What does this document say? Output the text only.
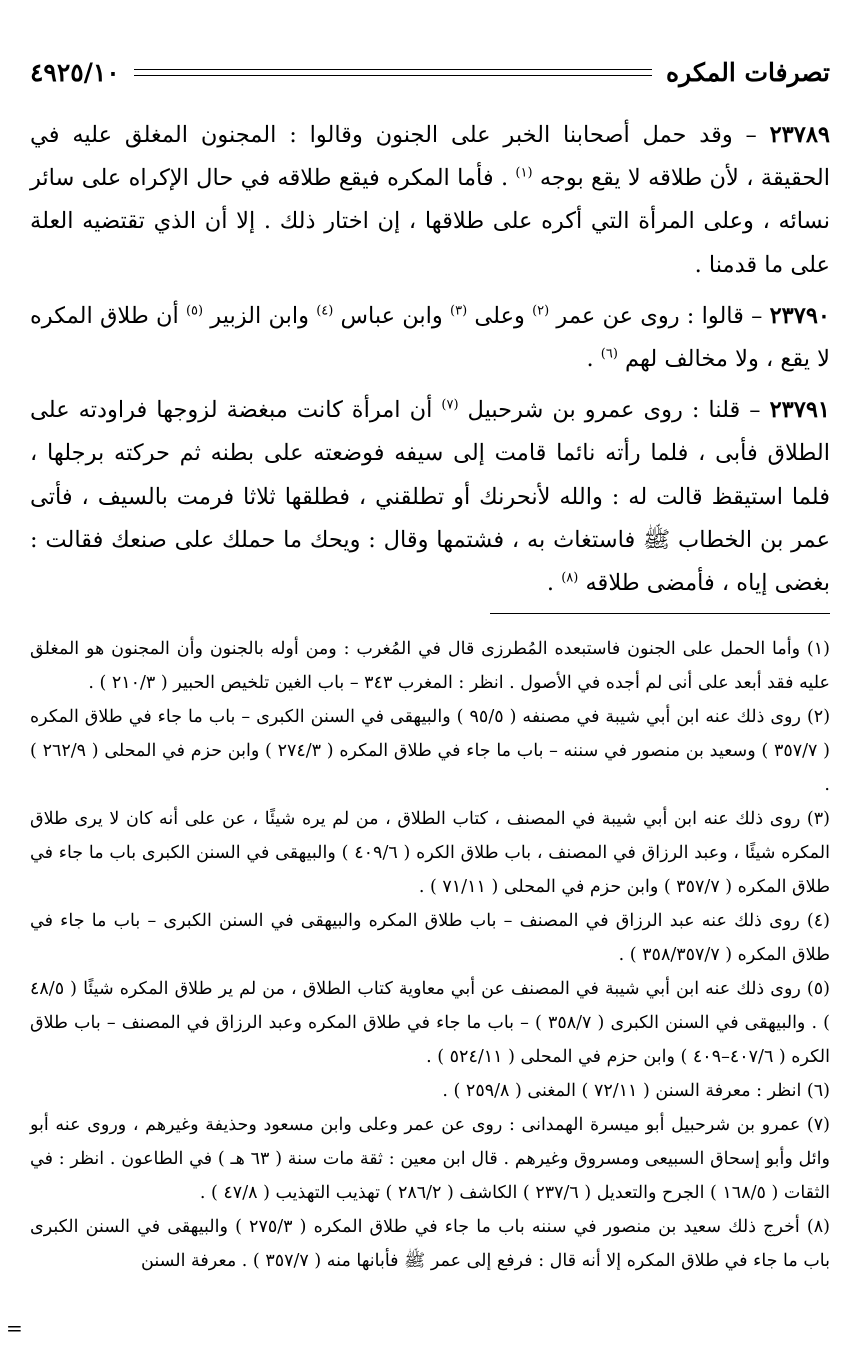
تصرفات المكره
٤٩٢٥/١٠

٢٣٧٨٩ – وقد حمل أصحابنا الخبر على الجنون وقالوا : المجنون المغلق عليه في الحقيقة ، لأن طلاقه لا يقع بوجه $^{(١)}$ . فأما المكره فيقع طلاقه في حال الإكراه على سائر نسائه ، وعلى المرأة التي أكره على طلاقها ، إن اختار ذلك . إلا أن الذي تقتضيه العلة على ما قدمنا .

٢٣٧٩٠ – قالوا : روى عن عمر $^{(٢)}$ وعلى $^{(٣)}$ وابن عباس $^{(٤)}$ وابن الزبير $^{(٥)}$ أن طلاق المكره لا يقع ، ولا مخالف لهم $^{(٦)}$ .

٢٣٧٩١ – قلنا : روى عمرو بن شرحبيل $^{(٧)}$ أن امرأة كانت مبغضة لزوجها فراودته على الطلاق فأبى ، فلما رأته نائما قامت إلى سيفه فوضعته على بطنه ثم حركته برجلها ، فلما استيقظ قالت له : والله لأنحرنك أو تطلقني ، فطلقها ثلاثا فرمت بالسيف ، فأتى عمر بن الخطاب ﷺ فاستغاث به ، فشتمها وقال : ويحك ما حملك على صنعك فقالت : بغضى إياه ، فأمضى طلاقه $^{(٨)}$ .

(١) وأما الحمل على الجنون فاستبعده المُطرزى قال في المُغرب : ومن أوله بالجنون وأن المجنون هو المغلق عليه فقد أبعد على أنى لم أجده في الأصول . انظر : المغرب ٣٤٣ – باب الغين تلخيص الحبير ( ٢١٠/٣ ) .

(٢) روى ذلك عنه ابن أبي شيبة في مصنفه ( ٩٥/٥ ) والبيهقى في السنن الكبرى – باب ما جاء في طلاق المكره ( ٣٥٧/٧ ) وسعيد بن منصور في سننه – باب ما جاء في طلاق المكره ( ٢٧٤/٣ ) وابن حزم في المحلى ( ٢٦٢/٩ ) .

(٣) روى ذلك عنه ابن أبي شيبة في المصنف ، كتاب الطلاق ، من لم يره شيئًا ، عن على أنه كان لا يرى طلاق المكره شيئًا ، وعبد الرزاق في المصنف ، باب طلاق الكره ( ٤٠٩/٦ ) والبيهقى في السنن الكبرى باب ما جاء في طلاق المكره ( ٣٥٧/٧ ) وابن حزم في المحلى ( ٧١/١١ ) .

(٤) روى ذلك عنه عبد الرزاق في المصنف – باب طلاق المكره والبيهقى في السنن الكبرى – باب ما جاء في طلاق المكره ( ٣٥٨/٣٥٧/٧ ) .

(٥) روى ذلك عنه ابن أبي شيبة في المصنف عن أبي معاوية كتاب الطلاق ، من لم ير طلاق المكره شيئًا ( ٤٨/٥ ) . والبيهقى في السنن الكبرى ( ٣٥٨/٧ ) – باب ما جاء في طلاق المكره وعبد الرزاق في المصنف – باب طلاق الكره ( ٤٠٧/٦–٤٠٩ ) وابن حزم في المحلى ( ٥٢٤/١١ ) .

(٦) انظر : معرفة السنن ( ٧٢/١١ ) المغنى ( ٢٥٩/٨ ) .

(٧) عمرو بن شرحبيل أبو ميسرة الهمدانى : روى عن عمر وعلى وابن مسعود وحذيفة وغيرهم ، وروى عنه أبو وائل وأبو إسحاق السبيعى ومسروق وغيرهم . قال ابن معين : ثقة مات سنة ( ٦٣ هـ ) في الطاعون . انظر : في الثقات ( ١٦٨/٥ ) الجرح والتعديل ( ٢٣٧/٦ ) الكاشف ( ٢٨٦/٢ ) تهذيب التهذيب ( ٤٧/٨ ) .

(٨) أخرج ذلك سعيد بن منصور في سننه باب ما جاء في طلاق المكره ( ٢٧٥/٣ ) والبيهقى في السنن الكبرى باب ما جاء في طلاق المكره إلا أنه قال : فرفع إلى عمر ﷺ فأبانها منه ( ٣٥٧/٧ ) . معرفة السنن

=
